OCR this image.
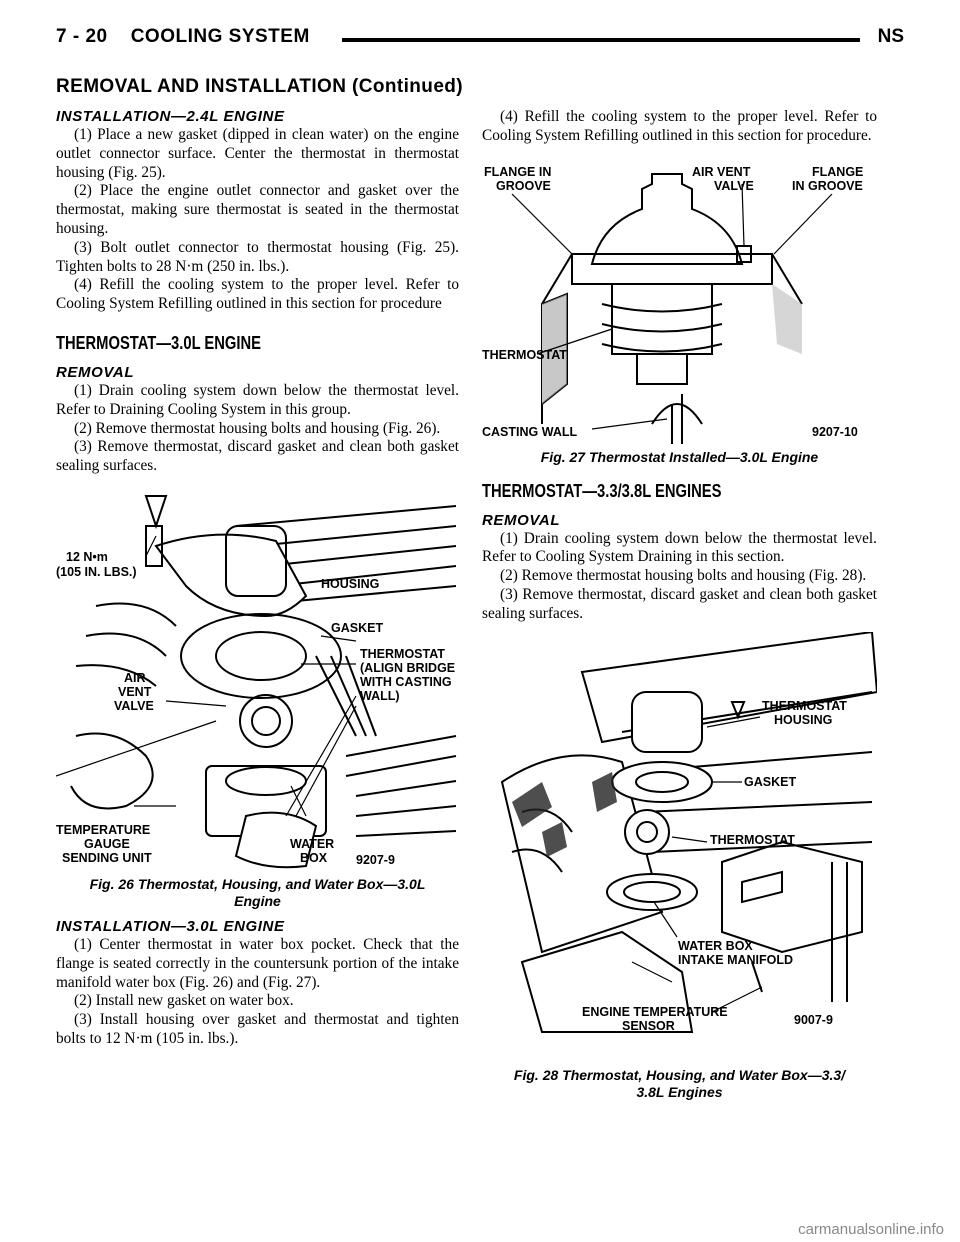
7 - 20    COOLING SYSTEM	NS
REMOVAL AND INSTALLATION (Continued)
INSTALLATION—2.4L ENGINE

(1) Place a new gasket (dipped in clean water) on the engine outlet connector surface. Center the thermostat in thermostat housing (Fig. 25).

(2) Place the engine outlet connector and gasket over the thermostat, making sure thermostat is seated in the thermostat housing.

(3) Bolt outlet connector to thermostat housing (Fig. 25). Tighten bolts to 28 N·m (250 in. lbs.).

(4) Refill the cooling system to the proper level. Refer to Cooling System Refilling outlined in this section for procedure

THERMOSTAT—3.0L ENGINE
REMOVAL

(1) Drain cooling system down below the thermostat level. Refer to Draining Cooling System in this group.

(2) Remove thermostat housing bolts and housing (Fig. 26).

(3) Remove thermostat, discard gasket and clean both gasket sealing surfaces.

12 N•m
(105 IN. LBS.)
HOUSING
GASKET
THERMOSTAT
(ALIGN BRIDGE
WITH CASTING
WALL)
AIR
VENT
VALVE
TEMPERATURE
GAUGE
SENDING UNIT
WATER
BOX 9207-9
Fig. 26 Thermostat, Housing, and Water Box—3.0L
Engine
INSTALLATION—3.0L ENGINE

(1) Center thermostat in water box pocket. Check that the flange is seated correctly in the countersunk portion of the intake manifold water box (Fig. 26) and (Fig. 27).

(2) Install new gasket on water box.

(3) Install housing over gasket and thermostat and tighten bolts to 12 N·m (105 in. lbs.).

(4) Refill the cooling system to the proper level. Refer to Cooling System Refilling outlined in this section for procedure.

FLANGE IN
GROOVE
AIR VENT
VALVE
FLANGE
IN GROOVE
THERMOSTAT
CASTING WALL	9207-10
Fig. 27 Thermostat Installed—3.0L Engine
THERMOSTAT—3.3/3.8L ENGINES
REMOVAL

(1) Drain cooling system down below the thermostat level. Refer to Cooling System Draining in this section.

(2) Remove thermostat housing bolts and housing (Fig. 28).

(3) Remove thermostat, discard gasket and clean both gasket sealing surfaces.

THERMOSTAT
HOUSING
GASKET
THERMOSTAT
WATER BOX
INTAKE MANIFOLD
ENGINE TEMPERATURE
SENSOR	9007-9
Fig. 28 Thermostat, Housing, and Water Box—3.3/
3.8L Engines
carmanualsonline.info
